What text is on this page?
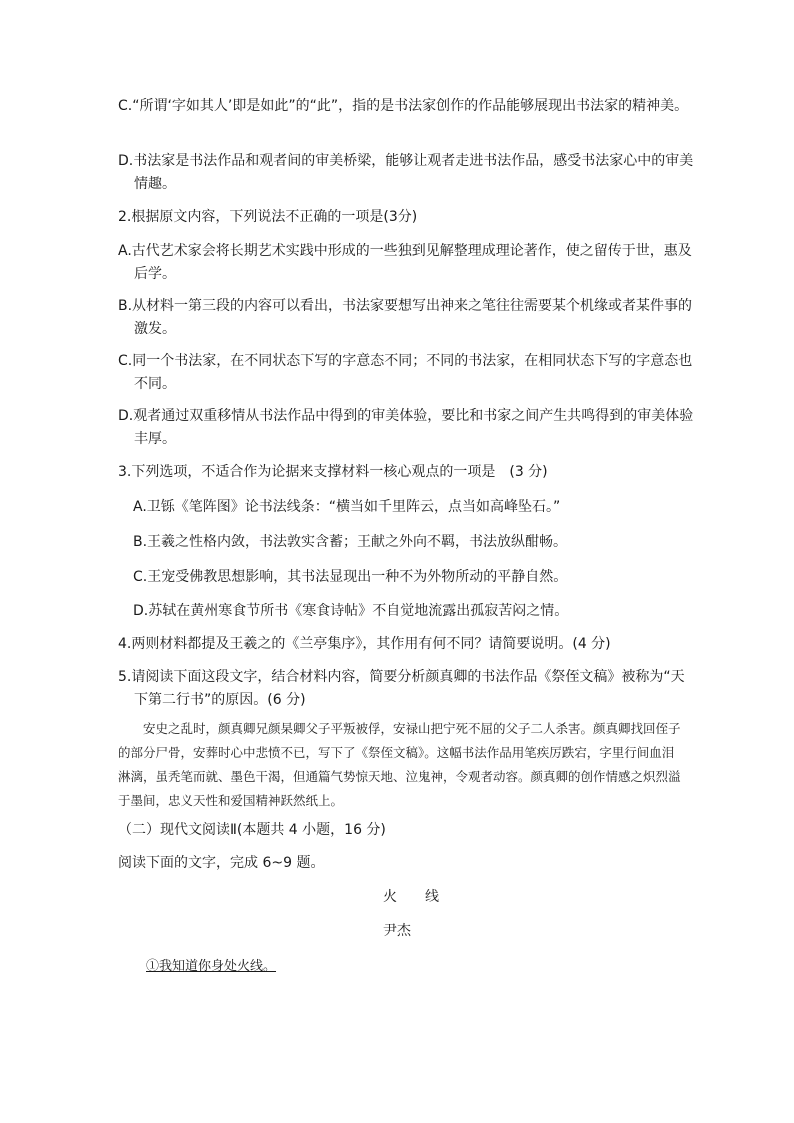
C.“所谓‘字如其人’即是如此”的“此”，指的是书法家创作的作品能够展现出书法家的精神美。

D.书法家是书法作品和观者间的审美桥梁，能够让观者走进书法作品，感受书法家心中的审美情趣。

2.根据原文内容，下列说法不正确的一项是(3分)

A.古代艺术家会将长期艺术实践中形成的一些独到见解整理成理论著作，使之留传于世，惠及后学。

B.从材料一第三段的内容可以看出，书法家要想写出神来之笔往往需要某个机缘或者某件事的激发。

C.同一个书法家，在不同状态下写的字意态不同；不同的书法家，在相同状态下写的字意态也不同。

D.观者通过双重移情从书法作品中得到的审美体验，要比和书家之间产生共鸣得到的审美体验丰厚。

3.下列选项，不适合作为论据来支撑材料一核心观点的一项是　(3 分)

A.卫铄《笔阵图》论书法线条：“横当如千里阵云，点当如高峰坠石。”

B.王羲之性格内敛，书法敦实含蓄；王献之外向不羁，书法放纵酣畅。

C.王宠受佛教思想影响，其书法显现出一种不为外物所动的平静自然。

D.苏轼在黄州寒食节所书《寒食诗帖》不自觉地流露出孤寂苦闷之情。

4.两则材料都提及王羲之的《兰亭集序》，其作用有何不同？请简要说明。(4 分)

5.请阅读下面这段文字，结合材料内容，简要分析颜真卿的书法作品《祭侄文稿》被称为“天下第二行书”的原因。(6 分)

安史之乱时，颜真卿兄颜杲卿父子平叛被俘，安禄山把宁死不屈的父子二人杀害。颜真卿找回侄子的部分尸骨，安葬时心中悲愤不已，写下了《祭侄文稿》。这幅书法作品用笔疾厉跌宕，字里行间血泪淋漓，虽秃笔而就、墨色干渴，但通篇气势惊天地、泣鬼神，令观者动容。颜真卿的创作情感之炽烈溢于墨间，忠义天性和爱国精神跃然纸上。

（二）现代文阅读Ⅱ(本题共 4 小题，16 分)

阅读下面的文字，完成 6~9 题。

火线
尹杰

①我知道你身处火线。
